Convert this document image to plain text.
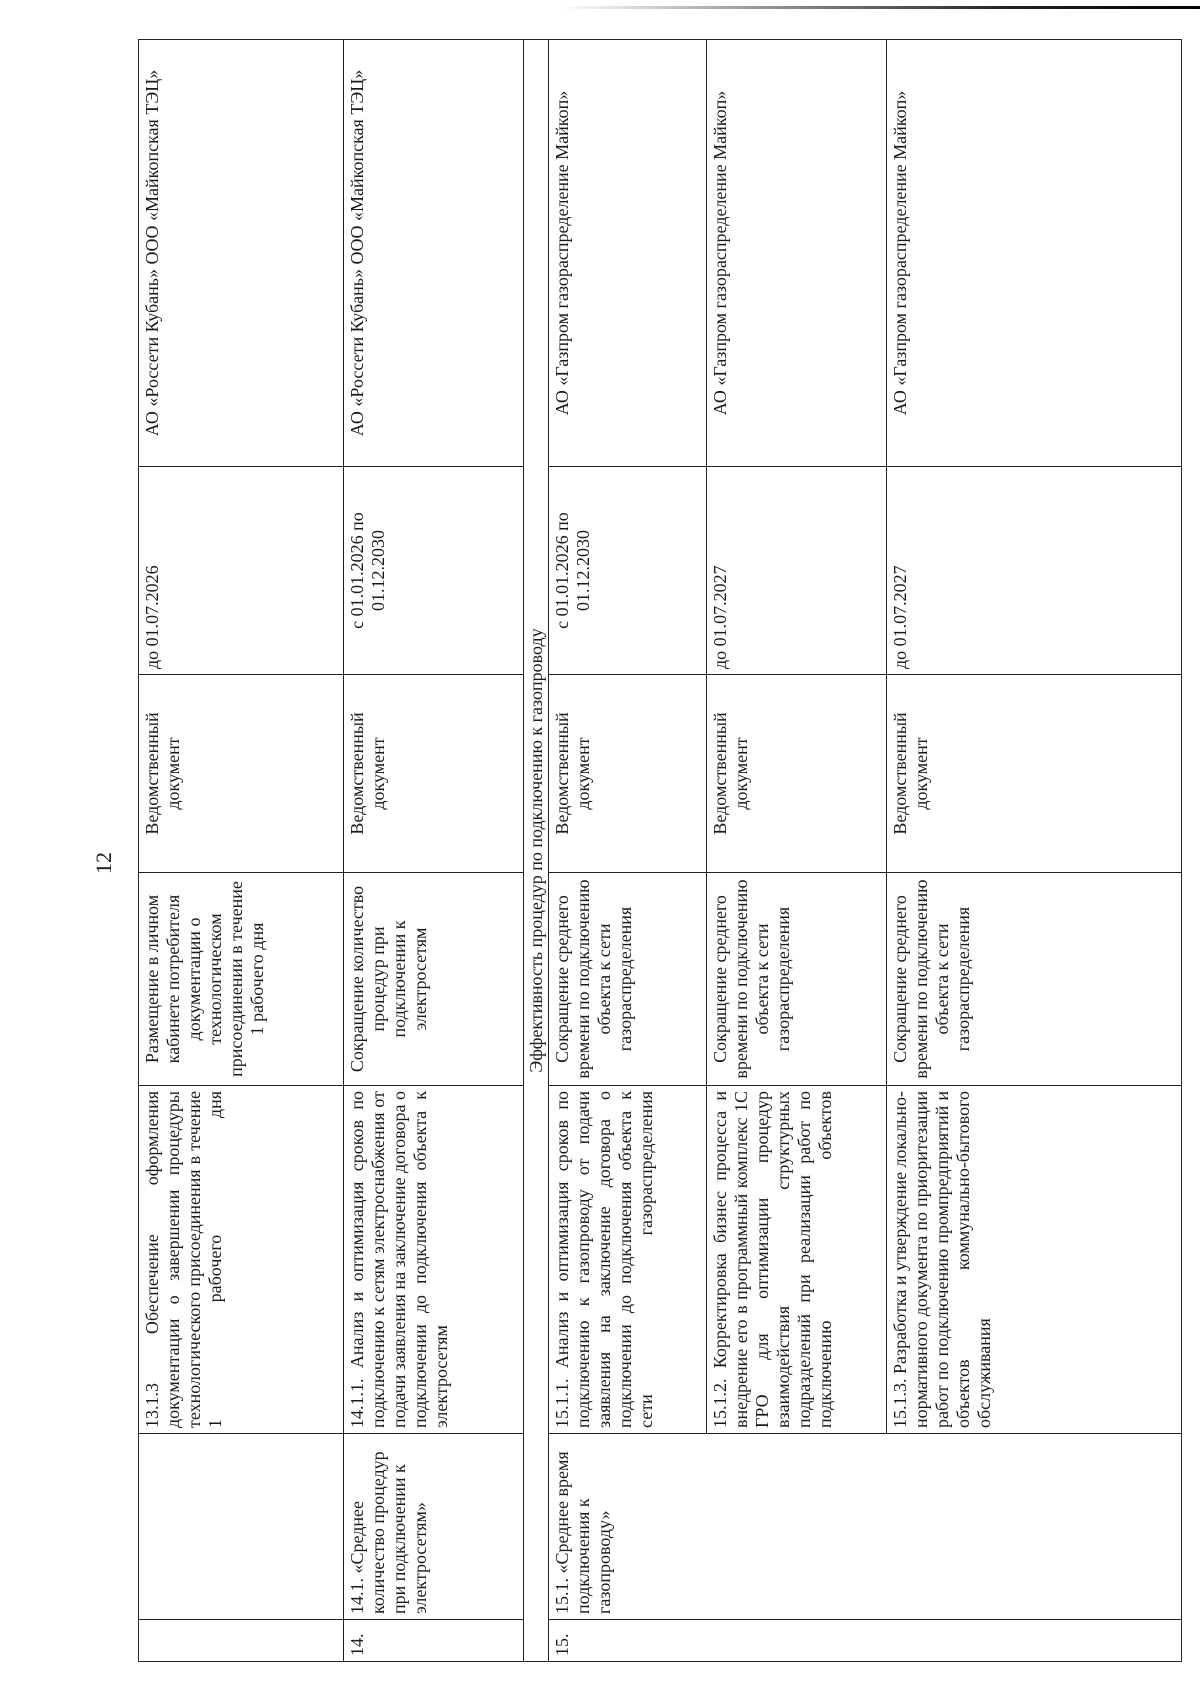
12
		13.1.3 Обеспечение оформления документации о завершении процедуры технологического присоединения в течение 1 рабочего дня	Размещение в личном кабинете потребителя документации о технологическом присоединении в течение 1 рабочего дня	Ведомственный документ	до 01.07.2026	АО «Россети Кубань» ООО «Майкопская ТЭЦ»
14.	14.1. «Среднее количество процедур при подключении к электросетям»	14.1.1. Анализ и оптимизация сроков по подключению к сетям электроснабжения от подачи заявления на заключение договора о подключении до подключения объекта к электросетям	Сокращение количество процедур при подключении к электросетям	Ведомственный документ	с 01.01.2026 по 01.12.2030	АО «Россети Кубань» ООО «Майкопская ТЭЦ»
Эффективность процедур по подключению к газопроводу						
15.	15.1. «Среднее время подключения к газопроводу»	15.1.1. Анализ и оптимизация сроков по подключению к газопроводу от подачи заявления на заключение договора о подключении до подключения объекта к сети газораспределения	Сокращение среднего времени по подключению объекта к сети газораспределения	Ведомственный документ	с 01.01.2026 по 01.12.2030	АО «Газпром газораспределение Майкоп»
		15.1.2. Корректировка бизнес процесса и внедрение его в программный комплекс 1С ГРО для оптимизации процедур взаимодействия структурных подразделений при реализации работ по подключению объектов	Сокращение среднего времени по подключению объекта к сети газораспределения	Ведомственный документ	до 01.07.2027	АО «Газпром газораспределение Майкоп»
		15.1.3. Разработка и утверждение локально-нормативного документа по приоритезации работ по подключению промпредприятий и объектов коммунально-бытового обслуживания	Сокращение среднего времени по подключению объекта к сети газораспределения	Ведомственный документ	до 01.07.2027	АО «Газпром газораспределение Майкоп»
